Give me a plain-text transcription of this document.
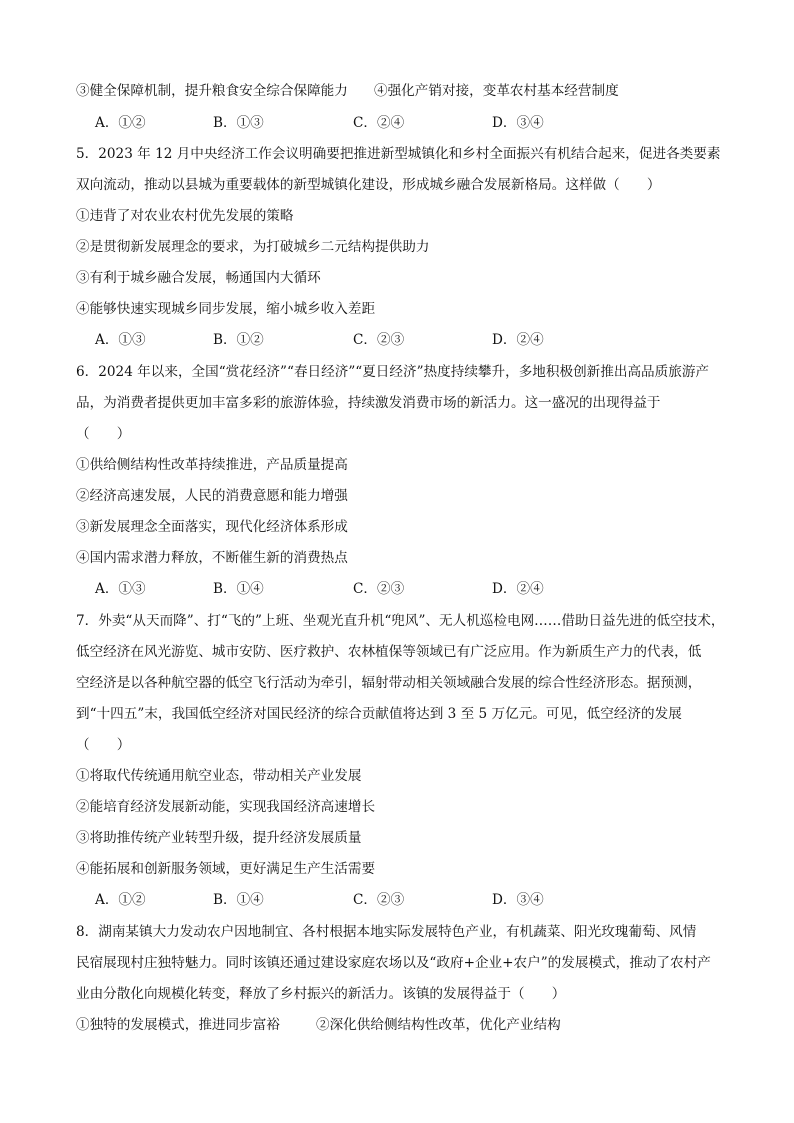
③健全保障机制，提升粮食安全综合保障能力 ④强化产销对接，变革农村基本经营制度
A．①②	B．①③	C．②④	D．③④
5．2023 年 12 月中央经济工作会议明确要把推进新型城镇化和乡村全面振兴有机结合起来，促进各类要素
双向流动，推动以县城为重要载体的新型城镇化建设，形成城乡融合发展新格局。这样做（　　）
①违背了对农业农村优先发展的策略
②是贯彻新发展理念的要求，为打破城乡二元结构提供助力
③有利于城乡融合发展，畅通国内大循环
④能够快速实现城乡同步发展，缩小城乡收入差距
A．①③	B．①②	C．②③	D．②④
6．2024 年以来，全国“赏花经济”“春日经济”“夏日经济”热度持续攀升，多地积极创新推出高品质旅游产
品，为消费者提供更加丰富多彩的旅游体验，持续激发消费市场的新活力。这一盛况的出现得益于
（　　）
①供给侧结构性改革持续推进，产品质量提高
②经济高速发展，人民的消费意愿和能力增强
③新发展理念全面落实，现代化经济体系形成
④国内需求潜力释放，不断催生新的消费热点
A．①③	B．①④	C．②③	D．②④
7．外卖“从天而降”、打“飞的”上班、坐观光直升机“兜风”、无人机巡检电网……借助日益先进的低空技术，
低空经济在风光游览、城市安防、医疗救护、农林植保等领域已有广泛应用。作为新质生产力的代表，低
空经济是以各种航空器的低空飞行活动为牵引，辐射带动相关领域融合发展的综合性经济形态。据预测，
到“十四五”末，我国低空经济对国民经济的综合贡献值将达到 3 至 5 万亿元。可见，低空经济的发展
（　　）
①将取代传统通用航空业态，带动相关产业发展
②能培育经济发展新动能，实现我国经济高速增长
③将助推传统产业转型升级，提升经济发展质量
④能拓展和创新服务领域，更好满足生产生活需要
A．①②	B．①④	C．②③	D．③④
8．湖南某镇大力发动农户因地制宜、各村根据本地实际发展特色产业，有机蔬菜、阳光玫瑰葡萄、风情
民宿展现村庄独特魅力。同时该镇还通过建设家庭农场以及“政府+企业+农户”的发展模式，推动了农村产
业由分散化向规模化转变，释放了乡村振兴的新活力。该镇的发展得益于（　　）
①独特的发展模式，推进同步富裕	②深化供给侧结构性改革，优化产业结构
